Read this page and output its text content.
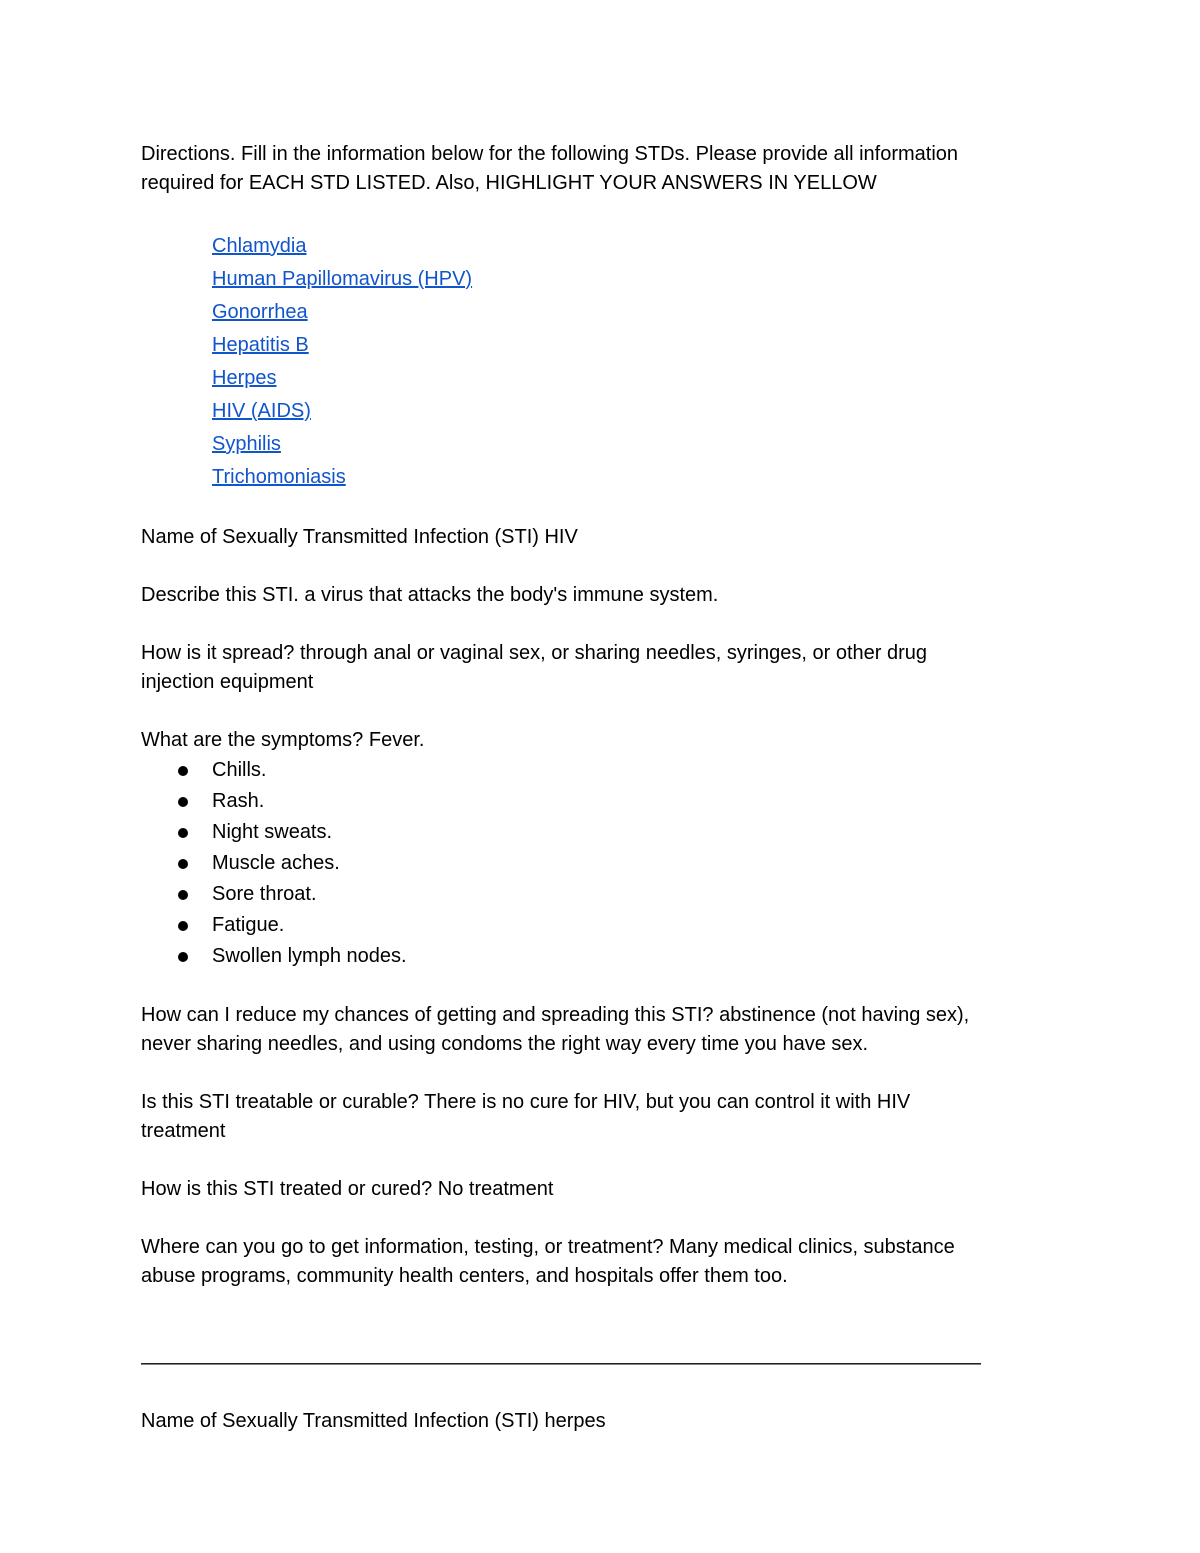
Directions. Fill in the information below for the following STDs. Please provide all information

required for EACH STD LISTED. Also, HIGHLIGHT YOUR ANSWERS IN YELLOW

Chlamydia
Human Papillomavirus (HPV)
Gonorrhea
Hepatitis B
Herpes
HIV (AIDS)
Syphilis
Trichomoniasis

Name of Sexually Transmitted Infection (STI) HIV

Describe this STI. a virus that attacks the body's immune system.

How is it spread? through anal or vaginal sex, or sharing needles, syringes, or other drug

injection equipment

What are the symptoms? Fever.

Chills.
Rash.
Night sweats.
Muscle aches.
Sore throat.
Fatigue.
Swollen lymph nodes.

How can I reduce my chances of getting and spreading this STI? abstinence (not having sex),

never sharing needles, and using condoms the right way every time you have sex.

Is this STI treatable or curable? There is no cure for HIV, but you can control it with HIV

treatment

How is this STI treated or cured? No treatment

Where can you go to get information, testing, or treatment? Many medical clinics, substance

abuse programs, community health centers, and hospitals offer them too.

——————————————————————————————————————————

Name of Sexually Transmitted Infection (STI) herpes
